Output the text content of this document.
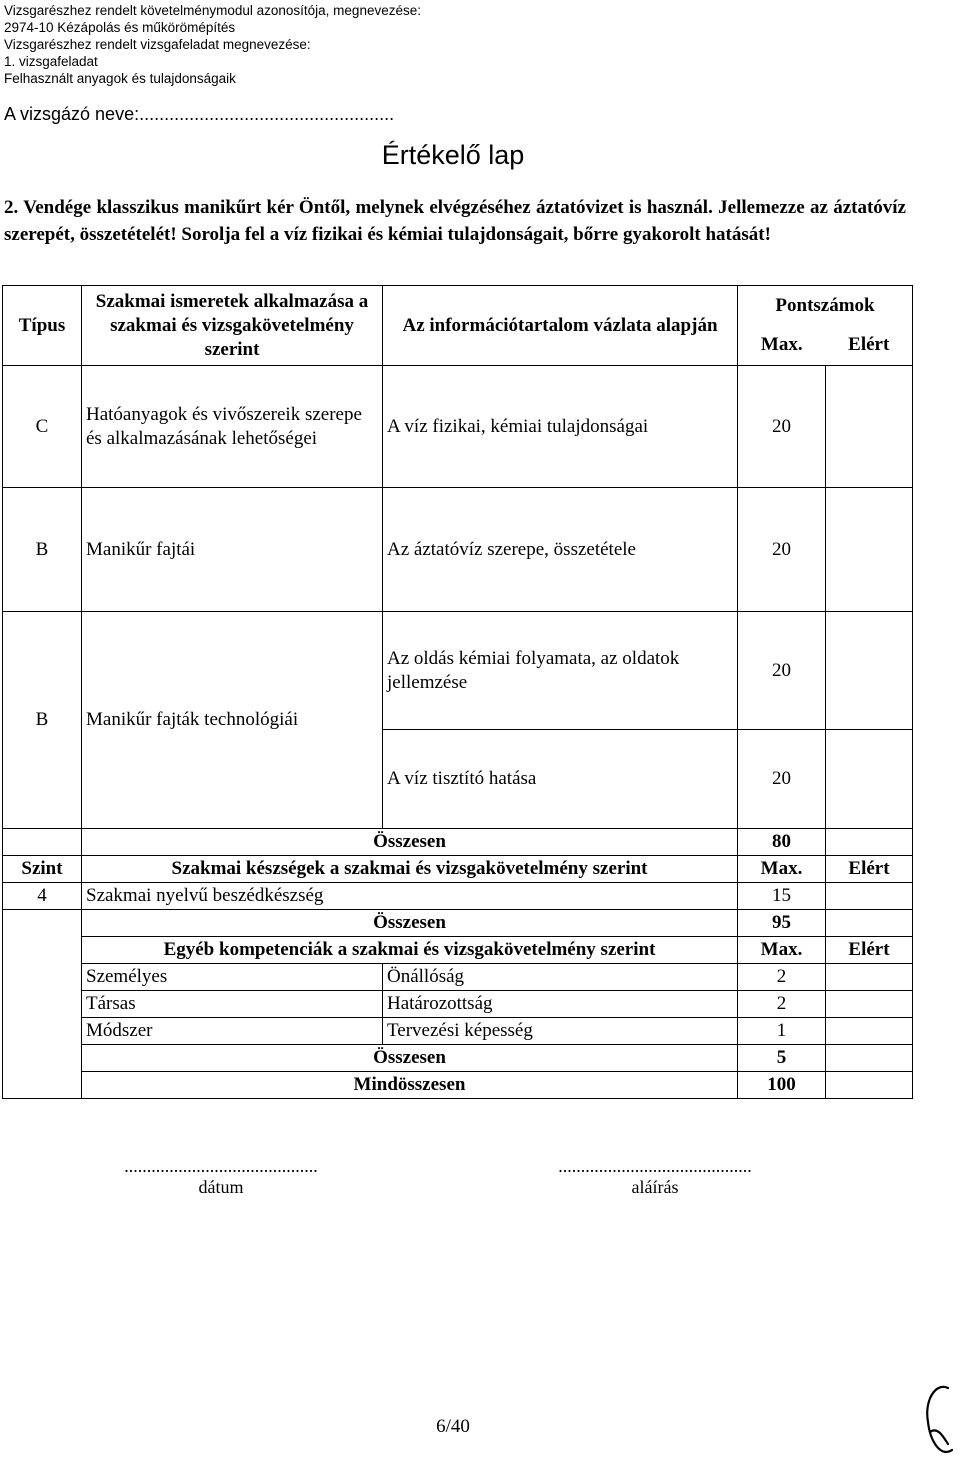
Vizsgarészhez rendelt követelménymodul azonosítója, megnevezése:
2974-10 Kézápolás és műkörömépítés
Vizsgarészhez rendelt vizsgafeladat megnevezése:
1. vizsgafeladat
Felhasznált anyagok és tulajdonságaik
A vizsgázó neve:...................................................
Értékelő lap
2. Vendége klasszikus manikűrt kér Öntől, melynek elvégzéséhez áztatóvizet is használ. Jellemezze az áztatóvíz szerepét, összetételét! Sorolja fel a víz fizikai és kémiai tulajdonságait, bőrre gyakorolt hatását!
Típus	Szakmai ismeretek alkalmazása a szakmai és vizsgakövetelmény szerint	Az információtartalom vázlata alapján	Pontszámok	
			Max.	Elért
C	Hatóanyagok és vivőszereik szerepe és alkalmazásának lehetőségei	A víz fizikai, kémiai tulajdonságai	20	
B	Manikűr fajtái	Az áztatóvíz szerepe, összetétele	20	
B	Manikűr fajták technológiái	Az oldás kémiai folyamata, az oldatok jellemzése	20	
		A víz tisztító hatása	20	
	Összesen		80	
Szint	Szakmai készségek a szakmai és vizsgakövetelmény szerint		Max.	Elért
4	Szakmai nyelvű beszédkészség		15	
	Összesen		95	
	Egyéb kompetenciák a szakmai és vizsgakövetelmény szerint		Max.	Elért
	Személyes	Önállóság	2	
	Társas	Határozottság	2	
	Módszer	Tervezési képesség	1	
	Összesen		5	
	Mindösszesen		100	
...........................................
dátum
...........................................
aláírás
6/40
